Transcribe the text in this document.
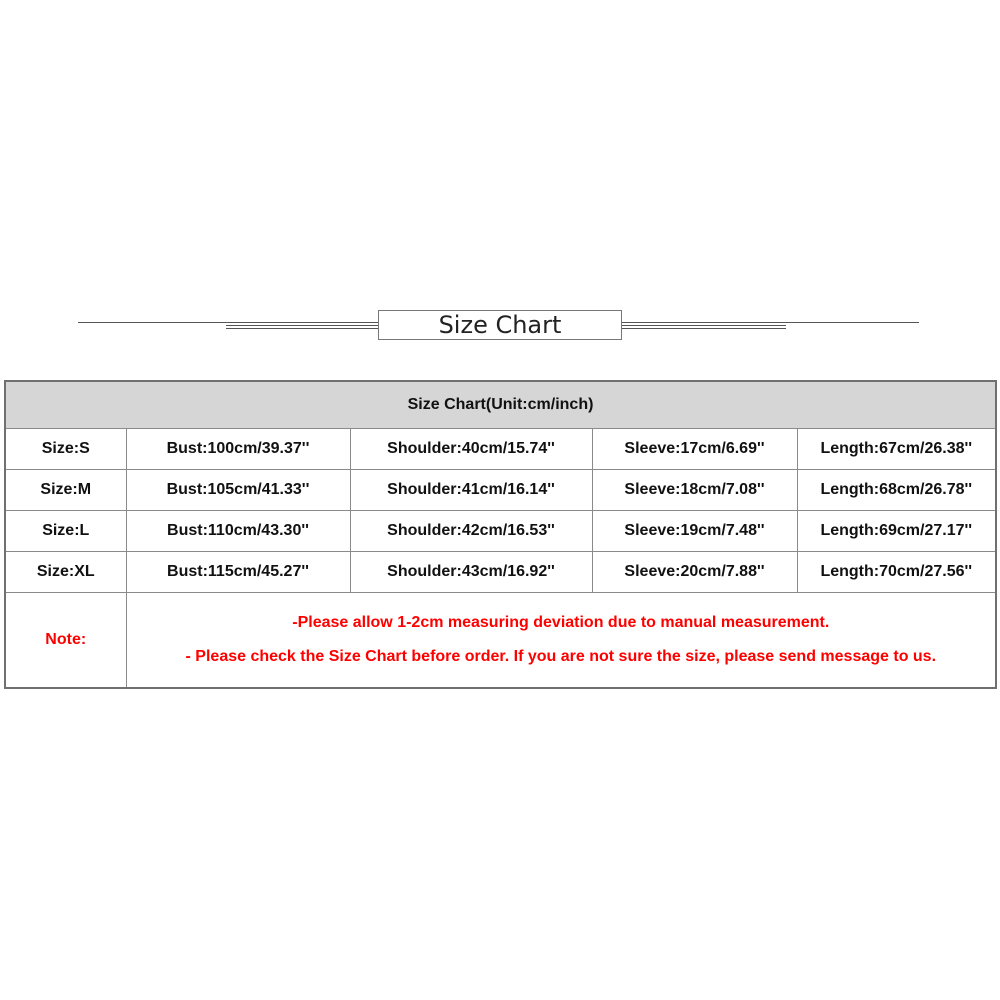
Size Chart
Size Chart(Unit:cm/inch)				
Size:S	Bust:100cm/39.37''	Shoulder:40cm/15.74''	Sleeve:17cm/6.69''	Length:67cm/26.38''
Size:M	Bust:105cm/41.33''	Shoulder:41cm/16.14''	Sleeve:18cm/7.08''	Length:68cm/26.78''
Size:L	Bust:110cm/43.30''	Shoulder:42cm/16.53''	Sleeve:19cm/7.48''	Length:69cm/27.17''
Size:XL	Bust:115cm/45.27''	Shoulder:43cm/16.92''	Sleeve:20cm/7.88''	Length:70cm/27.56''
Note:	-Please allow 1-2cm measuring deviation due to manual measurement.
- Please check the Size Chart before order. If you are not sure the size, please send message to us.			
